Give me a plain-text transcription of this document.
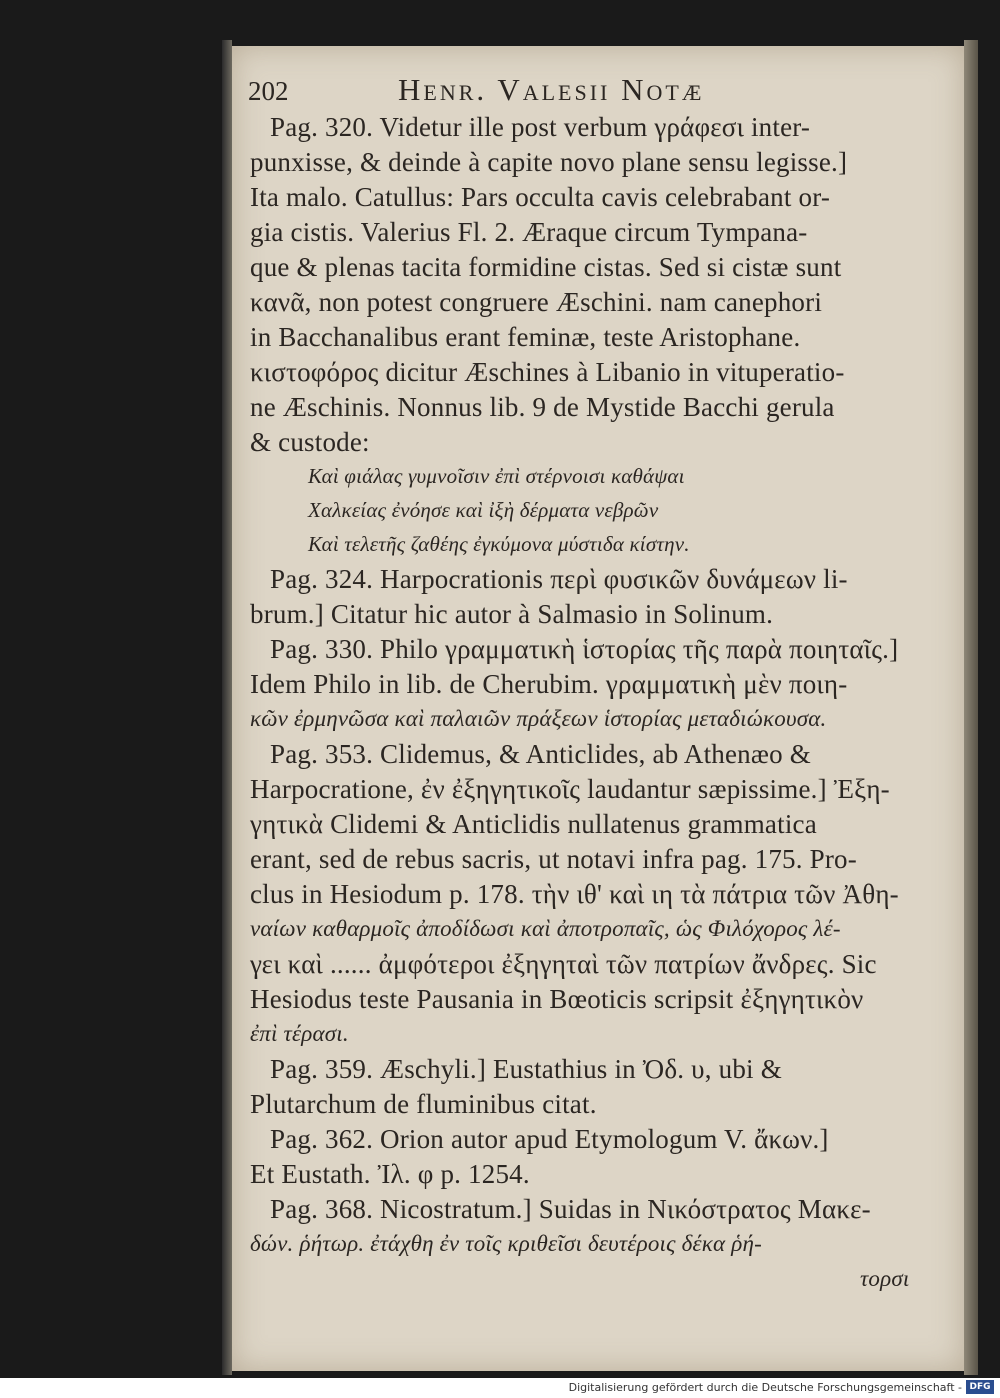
202	Henr. Valesii Notæ
Pag. 320. Videtur ille post verbum γράφεσι inter-
punxisse, & deinde à capite novo plane sensu legisse.]
Ita malo. Catullus: Pars occulta cavis celebrabant or-
gia cistis. Valerius Fl. 2. Æraque circum Tympana-
que & plenas tacita formidine cistas. Sed si cistæ sunt
κανᾶ, non potest congruere Æschini. nam canephori
in Bacchanalibus erant feminæ, teste Aristophane.
κιστοφόρος dicitur Æschines à Libanio in vituperatio-
ne Æschinis. Nonnus lib. 9 de Mystide Bacchi gerula
& custode:
Καὶ φιάλας γυμνοῖσιν ἐπὶ στέρνοισι καθάψαι
Χαλκείας ἐνόησε καὶ ἰξὴ δέρματα νεβρῶν
Καὶ τελετῆς ζαθέης ἐγκύμονα μύστιδα κίστην.
Pag. 324. Harpocrationis περὶ φυσικῶν δυνάμεων li-
brum.] Citatur hic autor à Salmasio in Solinum.
Pag. 330. Philo γραμματικὴ ἱστορίας τῆς παρὰ ποιηταῖς.]
Idem Philo in lib. de Cherubim. γραμματικὴ μὲν ποιη-
κῶν ἐρμηνῶσα καὶ παλαιῶν πράξεων ἱστορίας μεταδιώκουσα.
Pag. 353. Clidemus, & Anticlides, ab Athenæo &
Harpocratione, ἐν ἐξηγητικοῖς laudantur sæpissime.] Ἐξη-
γητικὰ Clidemi & Anticlidis nullatenus grammatica
erant, sed de rebus sacris, ut notavi infra pag. 175. Pro-
clus in Hesiodum p. 178. τὴν ιθ' καὶ ιη τὰ πάτρια τῶν Ἀθη-
ναίων καθαρμοῖς ἀποδίδωσι καὶ ἀποτροπαῖς, ὡς Φιλόχορος λέ-
γει καὶ ...... ἀμφότεροι ἐξηγηταὶ τῶν πατρίων ἄνδρες. Sic
Hesiodus teste Pausania in Bœoticis scripsit ἐξηγητικὸν
ἐπὶ τέρασι.
Pag. 359. Æschyli.] Eustathius in Ὀδ. υ, ubi &
Plutarchum de fluminibus citat.
Pag. 362. Orion autor apud Etymologum V. ἄκων.]
Et Eustath. Ἰλ. φ p. 1254.
Pag. 368. Nicostratum.] Suidas in Νικόστρατος Μακε-
δών. ῥήτωρ. ἐτάχθη ἐν τοῖς κριθεῖσι δευτέροις δέκα ῥή-
τορσι
Digitalisierung gefördert durch die Deutsche Forschungsgemeinschaft - DFG
